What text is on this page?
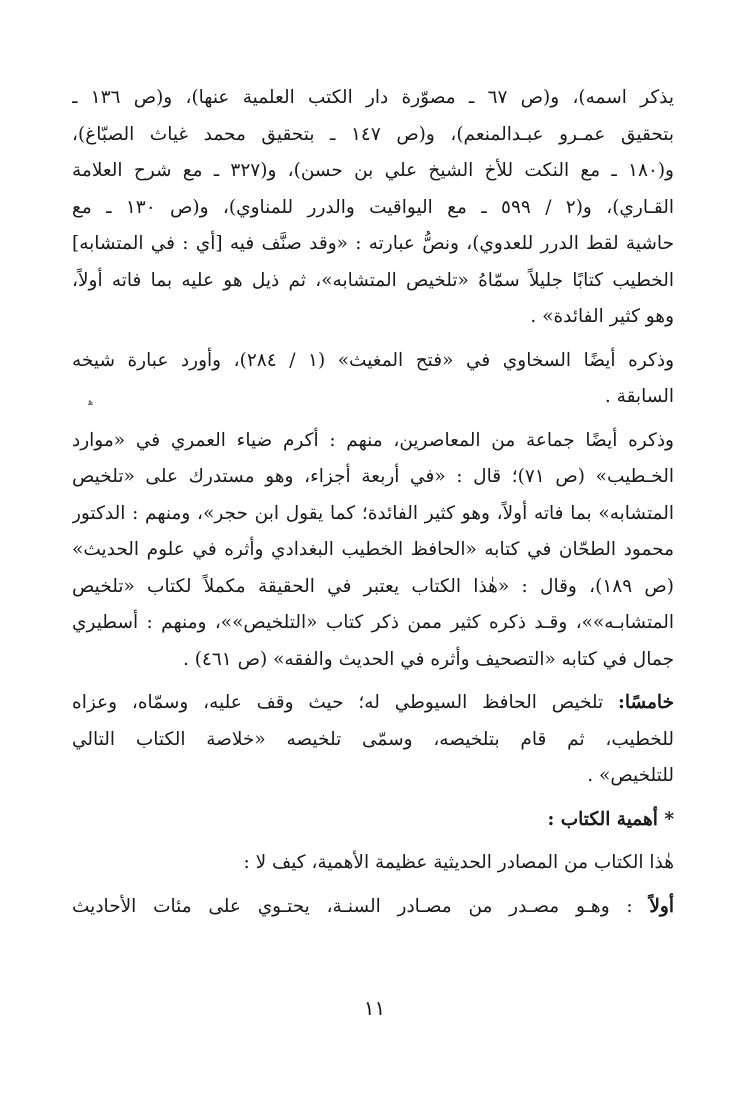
يذكر اسمه)، و(ص ٦٧ ـ مصوّرة دار الكتب العلمية عنها)، و(ص ١٣٦ ـ
بتحقيق عمـرو عبـدالمنعم)، و(ص ١٤٧ ـ بتحقيق محمد غياث الصبّاغ)،
و(١٨٠ ـ مع النكت للأخ الشيخ علي بن حسن)، و(٣٢٧ ـ مع شرح العلامة
القـاري)، و(٢ / ٥٩٩ ـ مع اليواقيت والدرر للمناوي)، و(ص ١٣٠ ـ مع
حاشية لقط الدرر للعدوي)، ونصُّ عبارته : «وقد صنَّف فيه [أي : في المتشابه]
الخطيب كتابًا جليلاً سمّاهُ «تلخيص المتشابه»، ثم ذيل هو عليه بما فاته أولاً،
وهو كثير الفائدة» .
وذكره أيضًا السخاوي في «فتح المغيث» (١ / ٢٨٤)، وأورد عبارة شيخه
السابقة .
وذكره أيضًا جماعة من المعاصرين، منهم : أكرم ضياء العمري في «موارد
الخـطيب» (ص ٧١)؛ قال : «في أربعة أجزاء، وهو مستدرك على «تلخيص
المتشابه» بما فاته أولاً، وهو كثير الفائدة؛ كما يقول ابن حجر»، ومنهم : الدكتور
محمود الطحّان في كتابه «الحافظ الخطيب البغدادي وأثره في علوم الحديث»
(ص ١٨٩)، وقال : «هٰذا الكتاب يعتبر في الحقيقة مكملاً لكتاب «تلخيص
المتشابـه»»، وقـد ذكره كثير ممن ذكر كتاب «التلخيص»»، ومنهم : أسطيري
جمال في كتابه «التصحيف وأثره في الحديث والفقه» (ص ٤٦١) .
خامسًا: تلخيص الحافظ السيوطي له؛ حيث وقف عليه، وسمّاه، وعزاه
للخطيب، ثم قام بتلخيصه، وسمّى تلخيصه «خلاصة الكتاب التالي
للتلخيص» .
* أهمية الكتاب :
هٰذا الكتاب من المصادر الحديثية عظيمة الأهمية، كيف لا :
أولاً : وهـو مصـدر من مصـادر السنـة، يحتـوي على مئات الأحاديث
ﻫ
١١
